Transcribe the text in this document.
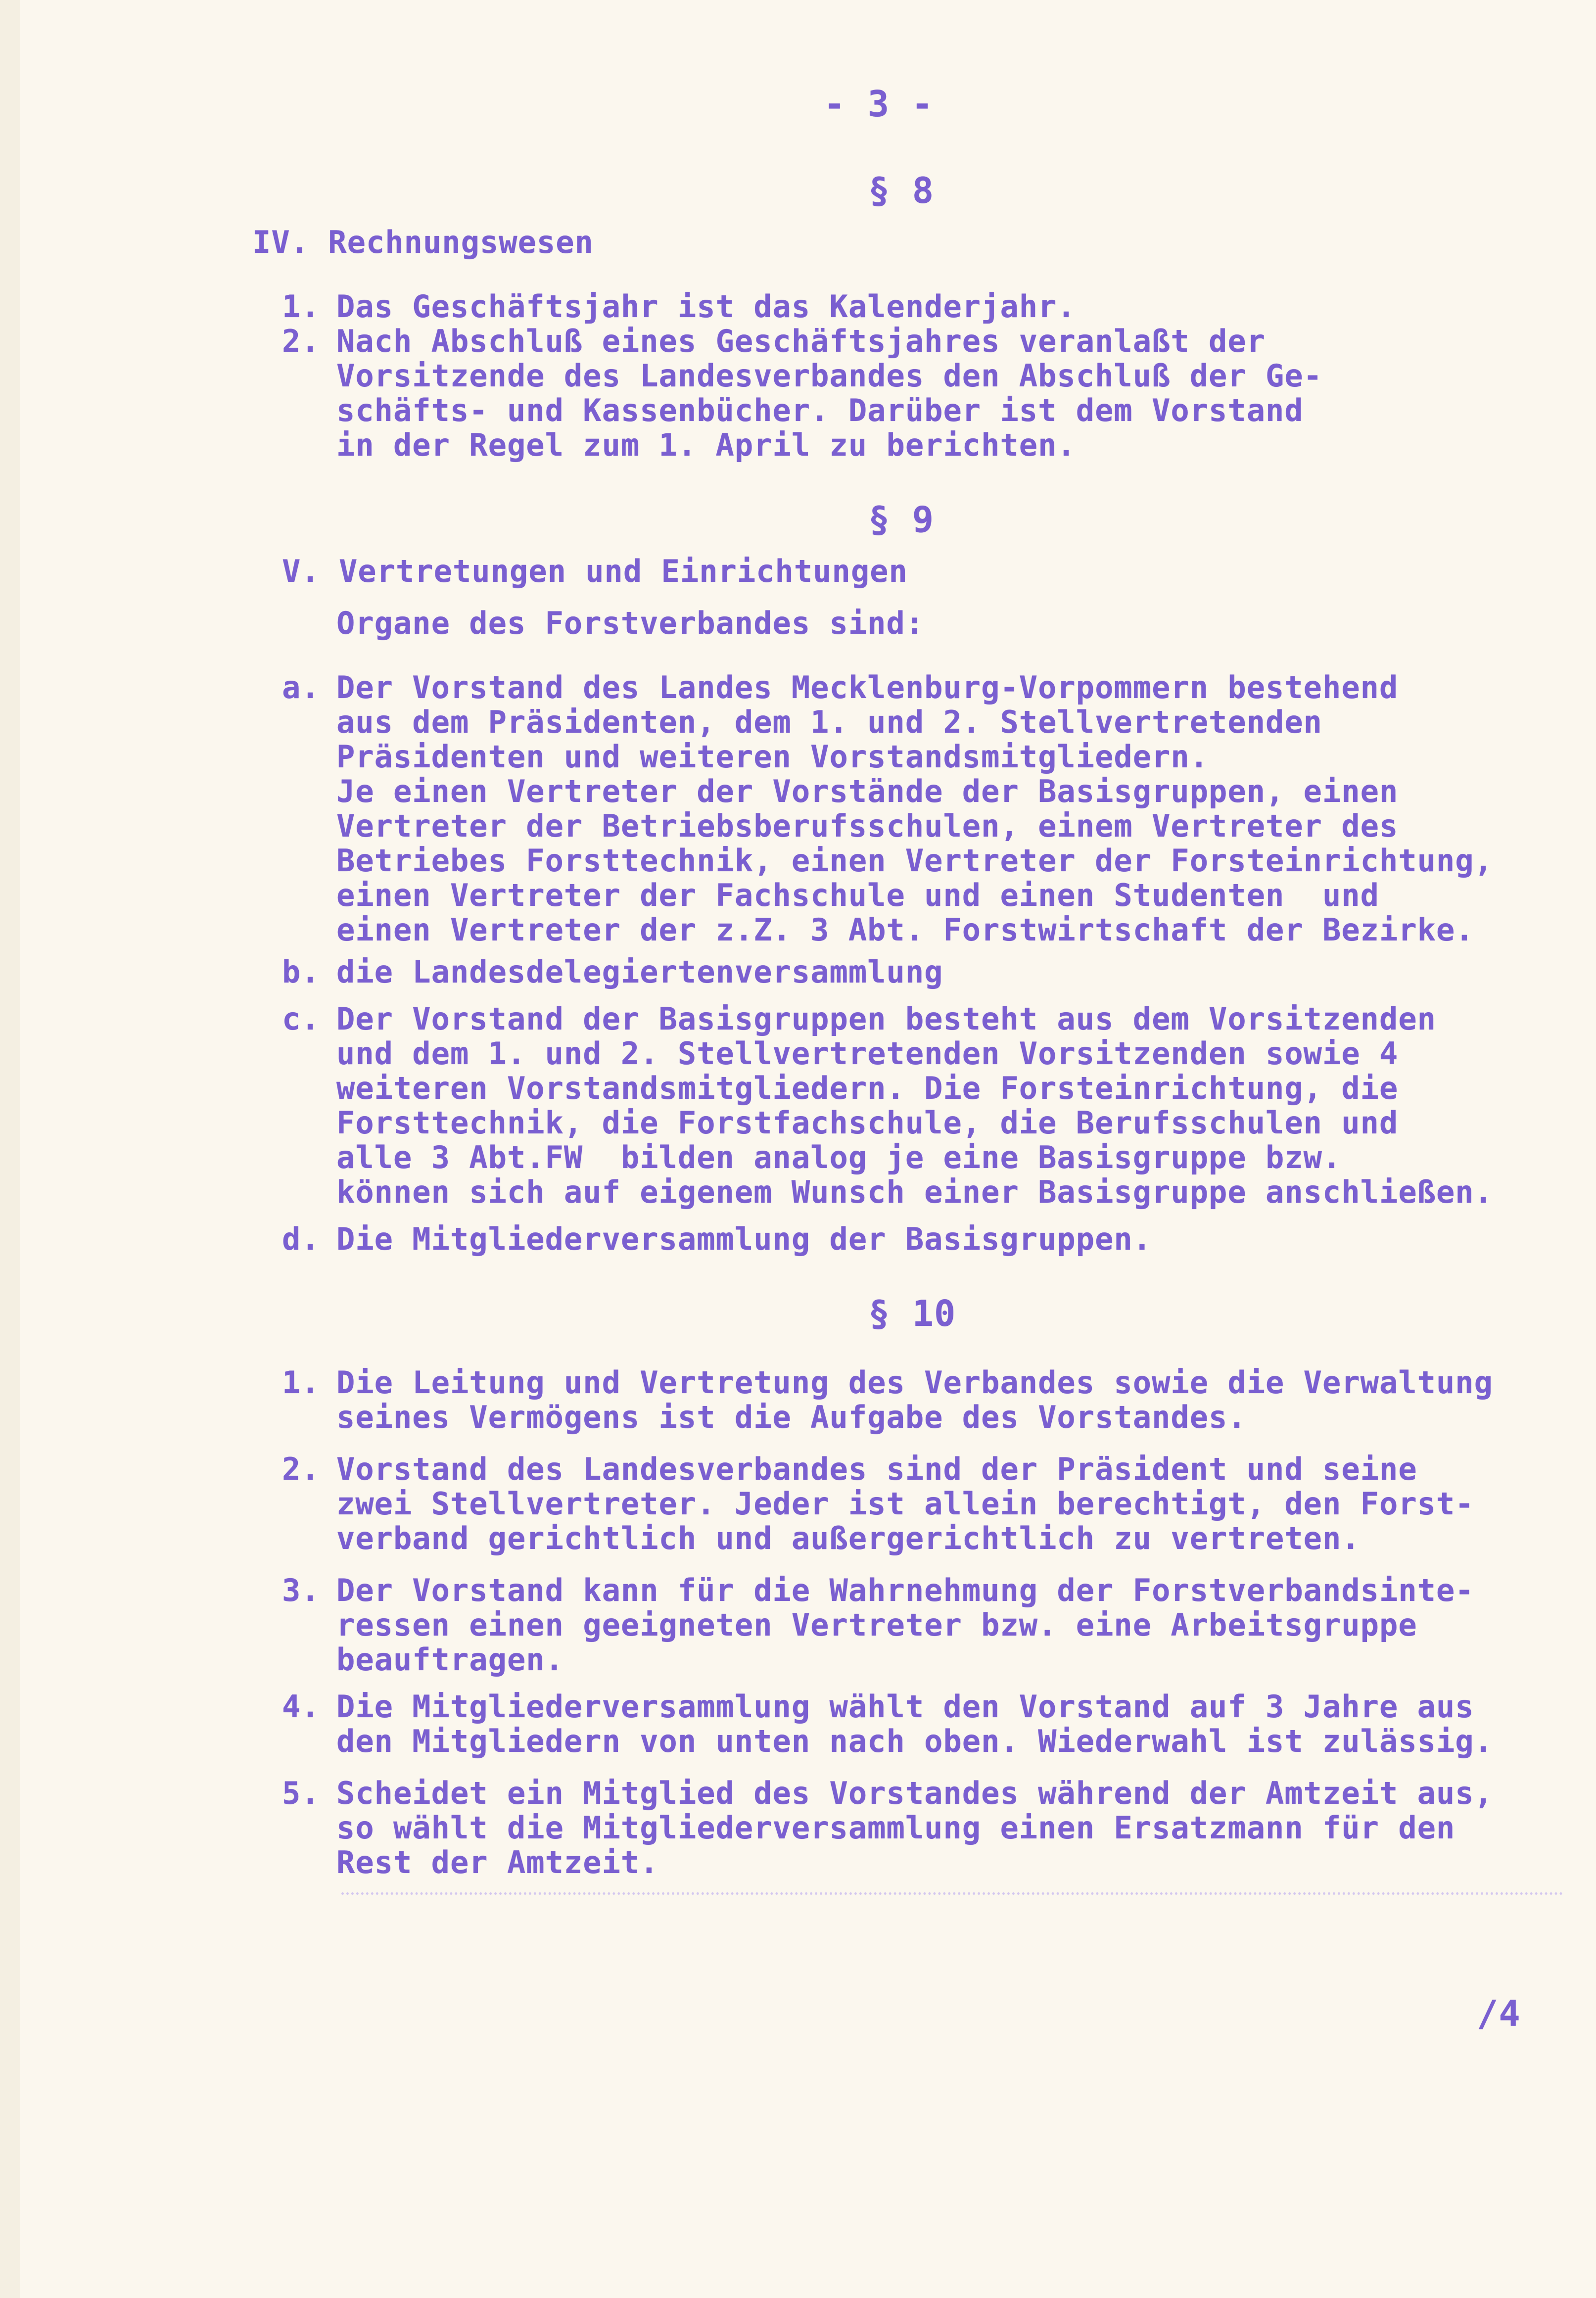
- 3 -
§ 8
IV. Rechnungswesen
1. Das Geschäftsjahr ist das Kalenderjahr.
2. Nach Abschluß eines Geschäftsjahres veranlaßt der
Vorsitzende des Landesverbandes den Abschluß der Ge-
schäfts- und Kassenbücher. Darüber ist dem Vorstand
in der Regel zum 1. April zu berichten.
§ 9
V. Vertretungen und Einrichtungen
Organe des Forstverbandes sind:
a. Der Vorstand des Landes Mecklenburg-Vorpommern bestehend
aus dem Präsidenten, dem 1. und 2. Stellvertretenden
Präsidenten und weiteren Vorstandsmitgliedern.
Je einen Vertreter der Vorstände der Basisgruppen, einen
Vertreter der Betriebsberufsschulen, einem Vertreter des
Betriebes Forsttechnik, einen Vertreter der Forsteinrichtung,
einen Vertreter der Fachschule und einen Studenten  und
einen Vertreter der z.Z. 3 Abt. Forstwirtschaft der Bezirke.
b. die Landesdelegiertenversammlung
c. Der Vorstand der Basisgruppen besteht aus dem Vorsitzenden
und dem 1. und 2. Stellvertretenden Vorsitzenden sowie 4
weiteren Vorstandsmitgliedern. Die Forsteinrichtung, die
Forsttechnik, die Forstfachschule, die Berufsschulen und
alle 3 Abt.FW  bilden analog je eine Basisgruppe bzw.
können sich auf eigenem Wunsch einer Basisgruppe anschließen.
d. Die Mitgliederversammlung der Basisgruppen.
§ 10
1. Die Leitung und Vertretung des Verbandes sowie die Verwaltung
seines Vermögens ist die Aufgabe des Vorstandes.
2. Vorstand des Landesverbandes sind der Präsident und seine
zwei Stellvertreter. Jeder ist allein berechtigt, den Forst-
verband gerichtlich und außergerichtlich zu vertreten.
3. Der Vorstand kann für die Wahrnehmung der Forstverbandsinte-
ressen einen geeigneten Vertreter bzw. eine Arbeitsgruppe
beauftragen.
4. Die Mitgliederversammlung wählt den Vorstand auf 3 Jahre aus
den Mitgliedern von unten nach oben. Wiederwahl ist zulässig.
5. Scheidet ein Mitglied des Vorstandes während der Amtzeit aus,
so wählt die Mitgliederversammlung einen Ersatzmann für den
Rest der Amtzeit.
/4
